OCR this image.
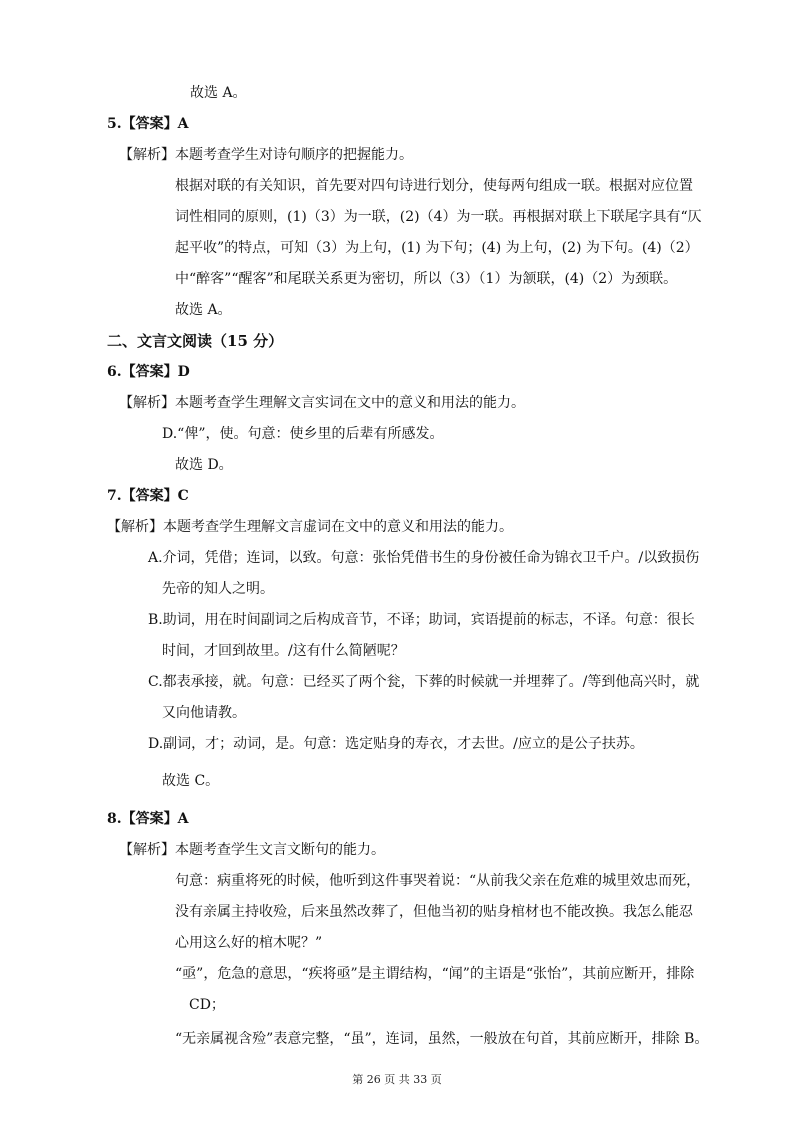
故选 A。
5.【答案】A
【解析】本题考查学生对诗句顺序的把握能力。
根据对联的有关知识，首先要对四句诗进行划分，使每两句组成一联。根据对应位置
词性相同的原则，(1)（3）为一联，(2)（4）为一联。再根据对联上下联尾字具有“仄
起平收”的特点，可知（3）为上句，(1) 为下句；(4) 为上句，(2) 为下句。(4)（2）
中“醉客”“醒客”和尾联关系更为密切，所以（3）（1）为颔联，(4)（2）为颈联。
故选 A。
二、文言文阅读（15 分）
6.【答案】D
【解析】本题考查学生理解文言实词在文中的意义和用法的能力。
D.“俾”，使。句意：使乡里的后辈有所感发。
故选 D。
7.【答案】C
【解析】本题考查学生理解文言虚词在文中的意义和用法的能力。
A.介词，凭借；连词，以致。句意：张怡凭借书生的身份被任命为锦衣卫千户。/以致损伤
先帝的知人之明。
B.助词，用在时间副词之后构成音节，不译；助词，宾语提前的标志，不译。句意：很长
时间，才回到故里。/这有什么简陋呢？
C.都表承接，就。句意：已经买了两个瓮，下葬的时候就一并埋葬了。/等到他高兴时，就
又向他请教。
D.副词，才；动词，是。句意：选定贴身的寿衣，才去世。/应立的是公子扶苏。
故选 C。
8.【答案】A
【解析】本题考查学生文言文断句的能力。
句意：病重将死的时候，他听到这件事哭着说：“从前我父亲在危难的城里效忠而死，
没有亲属主持收殓，后来虽然改葬了，但他当初的贴身棺材也不能改换。我怎么能忍
心用这么好的棺木呢？”
“亟”，危急的意思，“疾将亟”是主谓结构，“闻”的主语是“张怡”，其前应断开，排除
CD；
“无亲属视含殓”表意完整，“虽”，连词，虽然，一般放在句首，其前应断开，排除 B。
第 26 页 共 33 页
